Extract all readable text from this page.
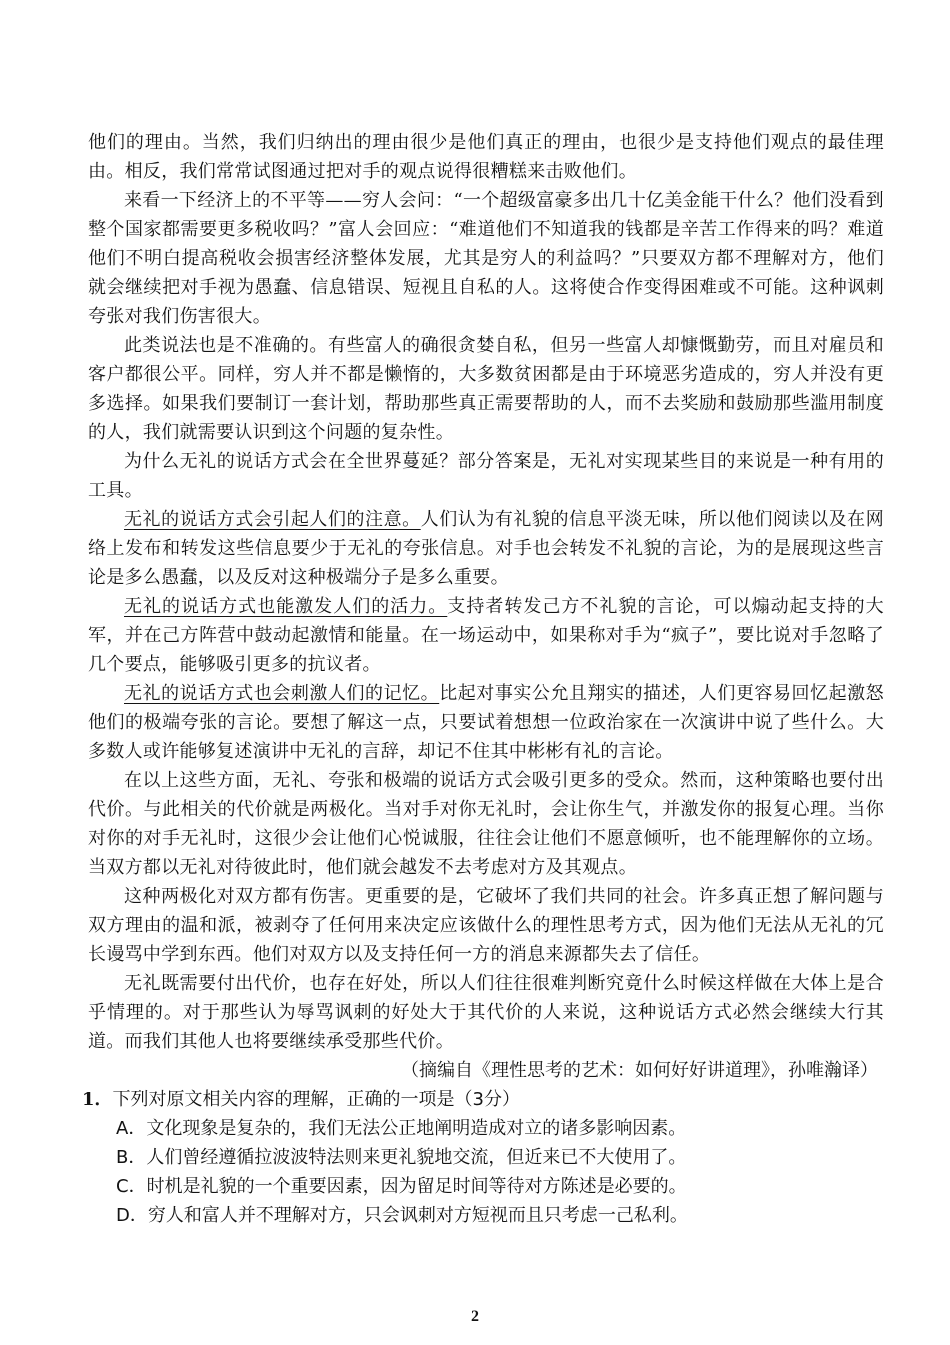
他们的理由。当然，我们归纳出的理由很少是他们真正的理由，也很少是支持他们观点的最佳理由。相反，我们常常试图通过把对手的观点说得很糟糕来击败他们。

来看一下经济上的不平等——穷人会问：“一个超级富豪多出几十亿美金能干什么？他们没看到整个国家都需要更多税收吗？”富人会回应：“难道他们不知道我的钱都是辛苦工作得来的吗？难道他们不明白提高税收会损害经济整体发展，尤其是穷人的利益吗？”只要双方都不理解对方，他们就会继续把对手视为愚蠢、信息错误、短视且自私的人。这将使合作变得困难或不可能。这种讽刺夸张对我们伤害很大。

此类说法也是不准确的。有些富人的确很贪婪自私，但另一些富人却慷慨勤劳，而且对雇员和客户都很公平。同样，穷人并不都是懒惰的，大多数贫困都是由于环境恶劣造成的，穷人并没有更多选择。如果我们要制订一套计划，帮助那些真正需要帮助的人，而不去奖励和鼓励那些滥用制度的人，我们就需要认识到这个问题的复杂性。

为什么无礼的说话方式会在全世界蔓延？部分答案是，无礼对实现某些目的来说是一种有用的工具。

无礼的说话方式会引起人们的注意。人们认为有礼貌的信息平淡无味，所以他们阅读以及在网络上发布和转发这些信息要少于无礼的夸张信息。对手也会转发不礼貌的言论，为的是展现这些言论是多么愚蠢，以及反对这种极端分子是多么重要。

无礼的说话方式也能激发人们的活力。支持者转发己方不礼貌的言论，可以煽动起支持的大军，并在己方阵营中鼓动起激情和能量。在一场运动中，如果称对手为“疯子”，要比说对手忽略了几个要点，能够吸引更多的抗议者。

无礼的说话方式也会刺激人们的记忆。比起对事实公允且翔实的描述，人们更容易回忆起激怒他们的极端夸张的言论。要想了解这一点，只要试着想想一位政治家在一次演讲中说了些什么。大多数人或许能够复述演讲中无礼的言辞，却记不住其中彬彬有礼的言论。

在以上这些方面，无礼、夸张和极端的说话方式会吸引更多的受众。然而，这种策略也要付出代价。与此相关的代价就是两极化。当对手对你无礼时，会让你生气，并激发你的报复心理。当你对你的对手无礼时，这很少会让他们心悦诚服，往往会让他们不愿意倾听，也不能理解你的立场。当双方都以无礼对待彼此时，他们就会越发不去考虑对方及其观点。

这种两极化对双方都有伤害。更重要的是，它破坏了我们共同的社会。许多真正想了解问题与双方理由的温和派，被剥夺了任何用来决定应该做什么的理性思考方式，因为他们无法从无礼的冗长谩骂中学到东西。他们对双方以及支持任何一方的消息来源都失去了信任。

无礼既需要付出代价，也存在好处，所以人们往往很难判断究竟什么时候这样做在大体上是合乎情理的。对于那些认为辱骂讽刺的好处大于其代价的人来说，这种说话方式必然会继续大行其道。而我们其他人也将要继续承受那些代价。

（摘编自《理性思考的艺术：如何好好讲道理》，孙唯瀚译）

1．下列对原文相关内容的理解，正确的一项是（3分）

A．文化现象是复杂的，我们无法公正地阐明造成对立的诸多影响因素。

B．人们曾经遵循拉波波特法则来更礼貌地交流，但近来已不大使用了。

C．时机是礼貌的一个重要因素，因为留足时间等待对方陈述是必要的。

D．穷人和富人并不理解对方，只会讽刺对方短视而且只考虑一己私利。

2
